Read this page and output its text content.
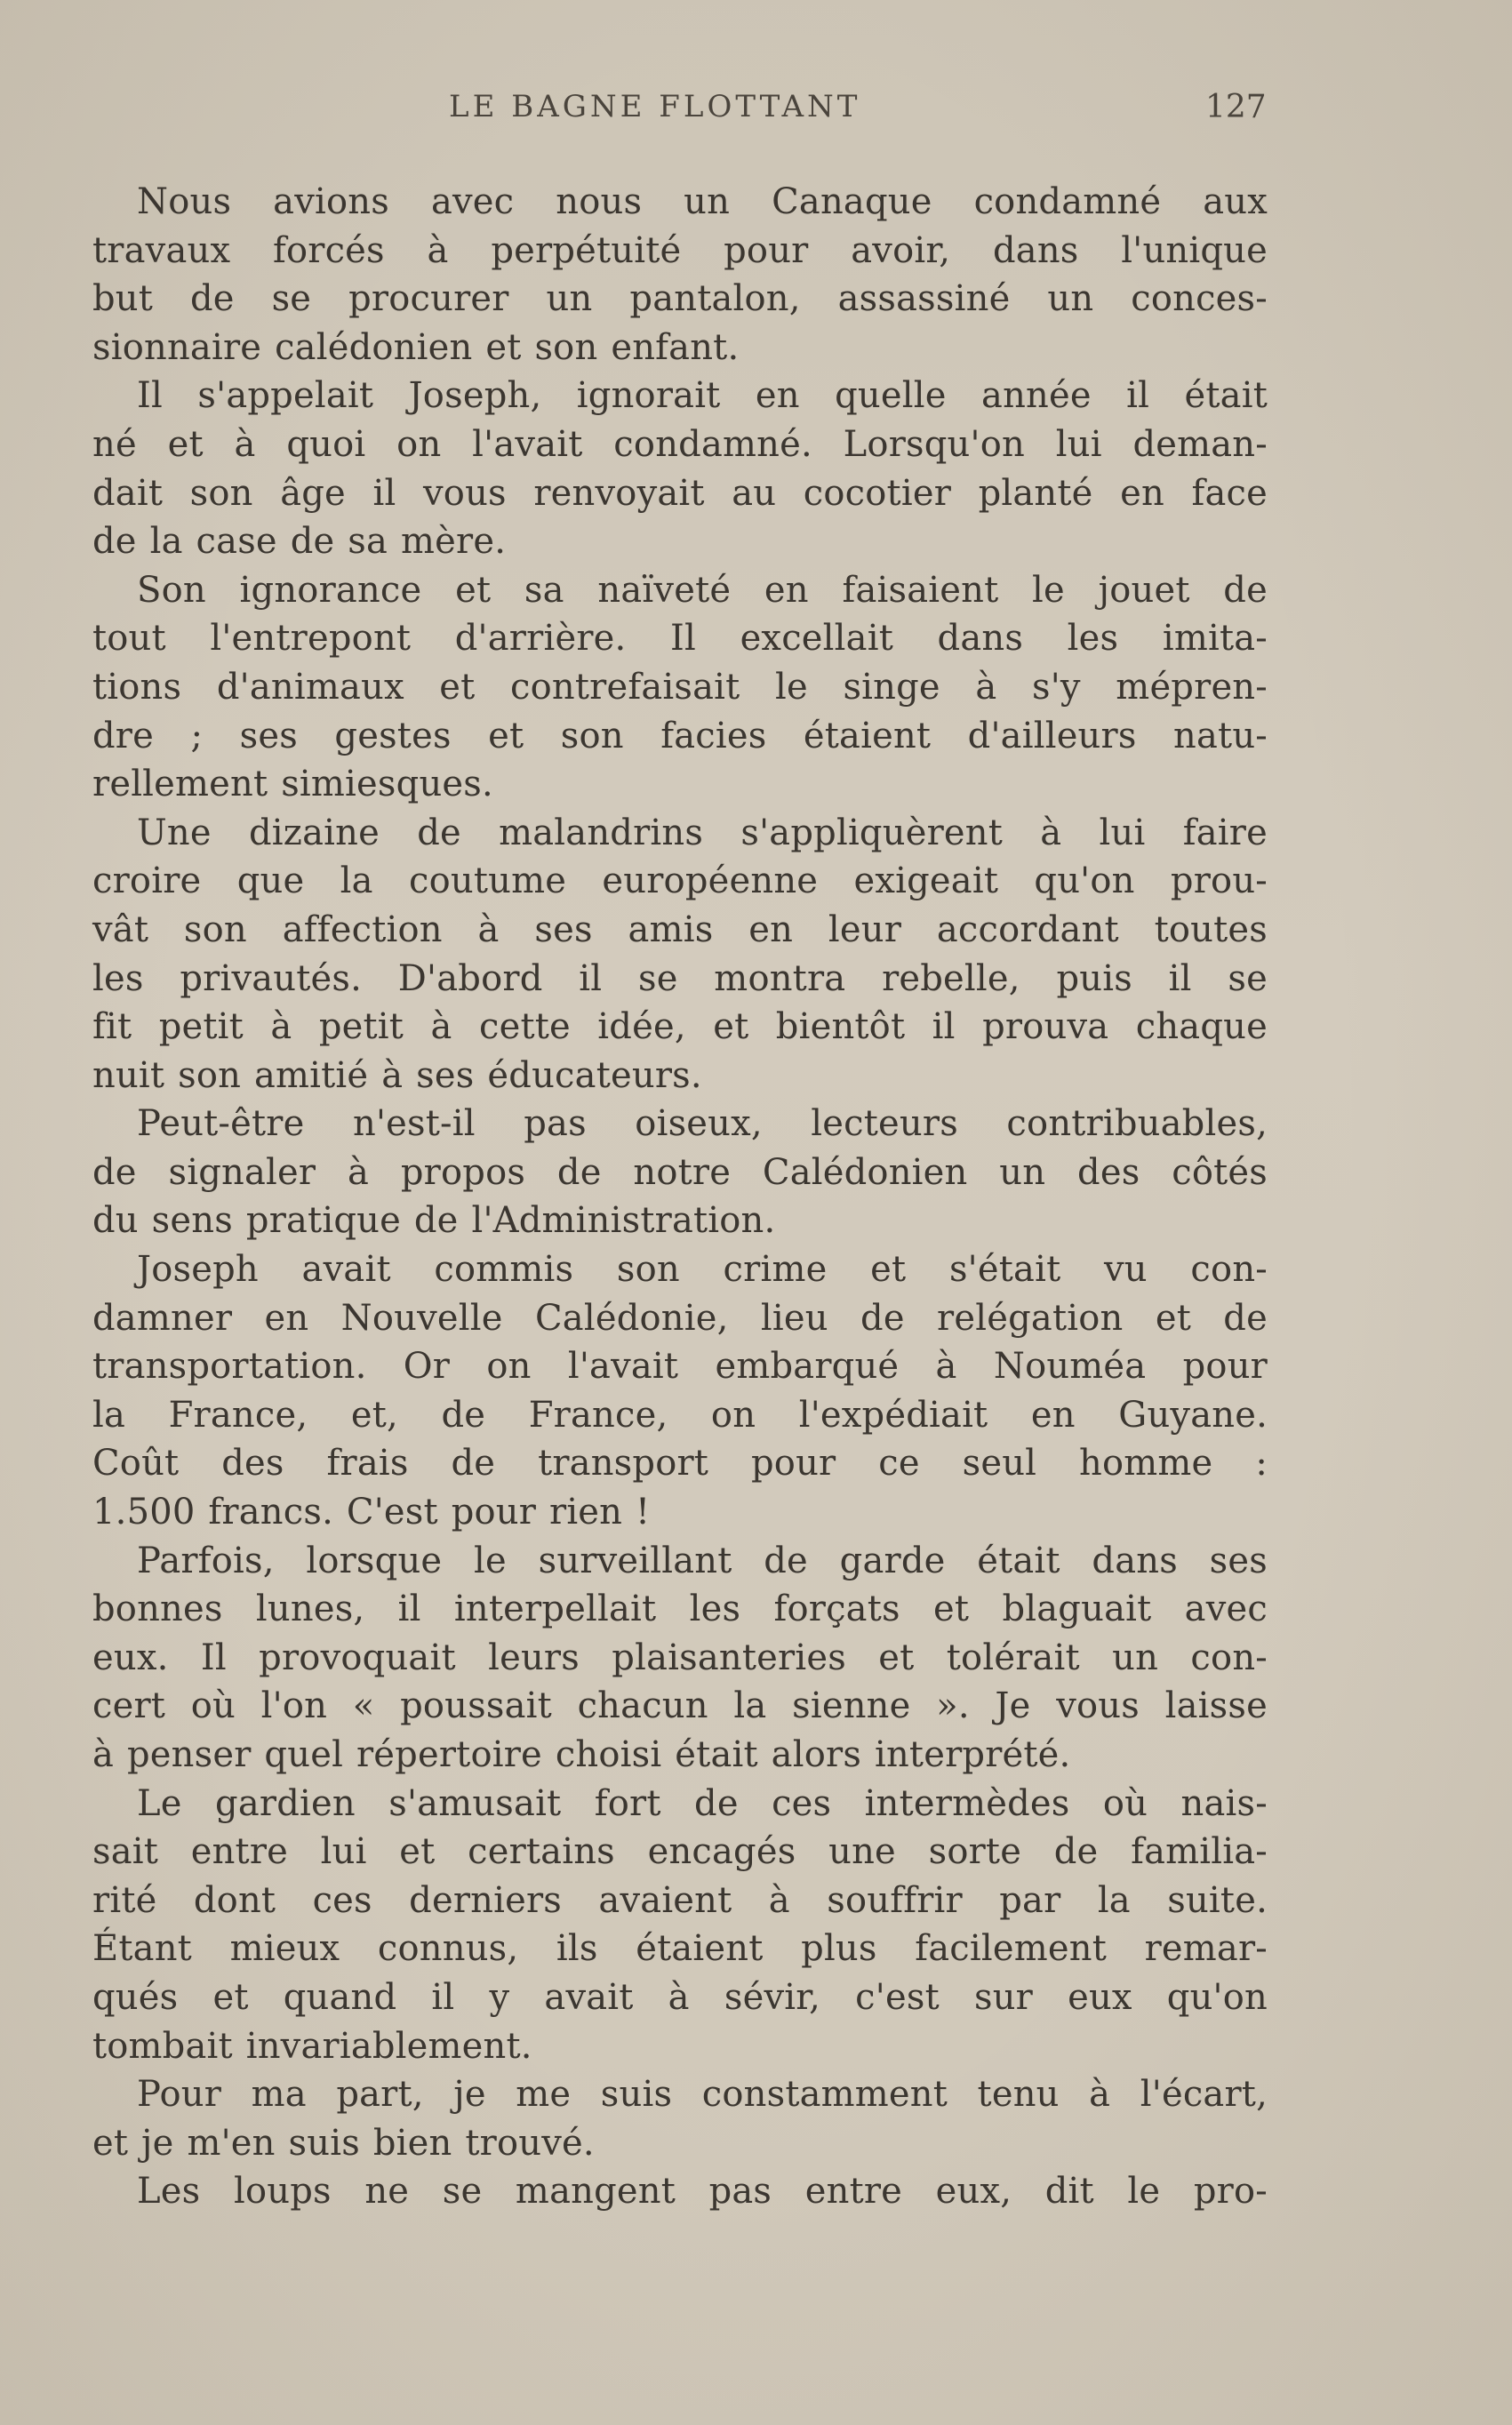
LE BAGNE FLOTTANT	127
Nous avions avec nous un Canaque condamné aux
travaux forcés à perpétuité pour avoir, dans l'unique
but de se procurer un pantalon, assassiné un conces-
sionnaire calédonien et son enfant.
Il s'appelait Joseph, ignorait en quelle année il était
né et à quoi on l'avait condamné. Lorsqu'on lui deman-
dait son âge il vous renvoyait au cocotier planté en face
de la case de sa mère.
Son ignorance et sa naïveté en faisaient le jouet de
tout l'entrepont d'arrière. Il excellait dans les imita-
tions d'animaux et contrefaisait le singe à s'y mépren-
dre ; ses gestes et son facies étaient d'ailleurs natu-
rellement simiesques.
Une dizaine de malandrins s'appliquèrent à lui faire
croire que la coutume européenne exigeait qu'on prou-
vât son affection à ses amis en leur accordant toutes
les privautés. D'abord il se montra rebelle, puis il se
fit petit à petit à cette idée, et bientôt il prouva chaque
nuit son amitié à ses éducateurs.
Peut-être n'est-il pas oiseux, lecteurs contribuables,
de signaler à propos de notre Calédonien un des côtés
du sens pratique de l'Administration.
Joseph avait commis son crime et s'était vu con-
damner en Nouvelle Calédonie, lieu de relégation et de
transportation. Or on l'avait embarqué à Nouméa pour
la France, et, de France, on l'expédiait en Guyane.
Coût des frais de transport pour ce seul homme :
1.500 francs. C'est pour rien !
Parfois, lorsque le surveillant de garde était dans ses
bonnes lunes, il interpellait les forçats et blaguait avec
eux. Il provoquait leurs plaisanteries et tolérait un con-
cert où l'on « poussait chacun la sienne ». Je vous laisse
à penser quel répertoire choisi était alors interprété.
Le gardien s'amusait fort de ces intermèdes où nais-
sait entre lui et certains encagés une sorte de familia-
rité dont ces derniers avaient à souffrir par la suite.
Étant mieux connus, ils étaient plus facilement remar-
qués et quand il y avait à sévir, c'est sur eux qu'on
tombait invariablement.
Pour ma part, je me suis constamment tenu à l'écart,
et je m'en suis bien trouvé.
Les loups ne se mangent pas entre eux, dit le pro-
